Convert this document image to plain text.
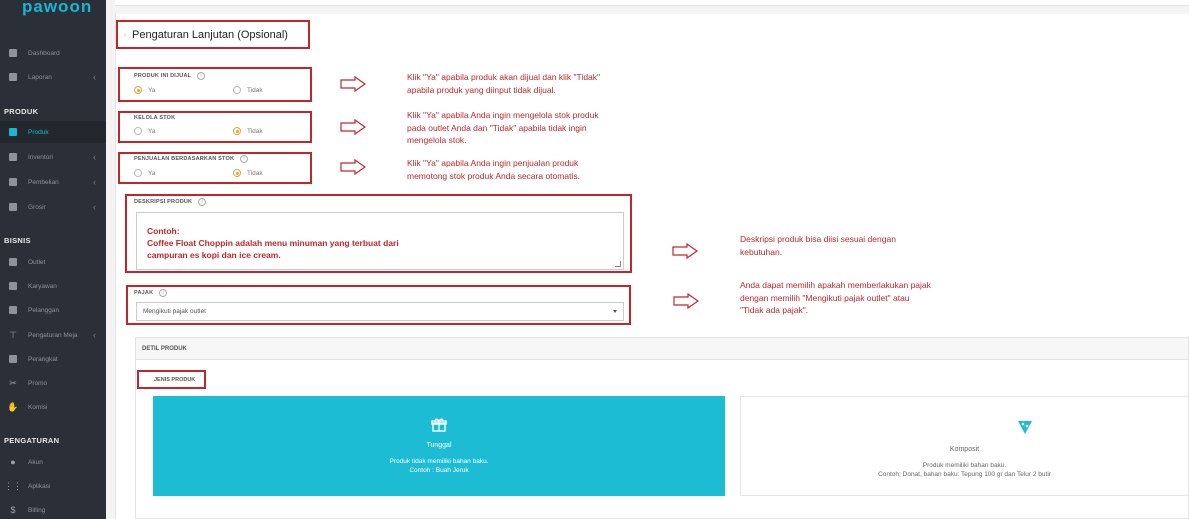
pawoon
Dashboard
Laporan	‹
PRODUK
Produk
Inventori	‹
Pembelian	‹
Grosir	‹
BISNIS
Outlet
Karyawan
Pelanggan
⊤ Pengaturan Meja ‹
Perangkat
✂ Promo
✋ Komisi
PENGATURAN
●	Akun
⋮⋮ Aplikasi
$	Billing
› Pengaturan Lanjutan (Opsional)
PRODUK INI DIJUAL	i
Ya	Tidak
KELOLA STOK
Ya	Tidak
PENJUALAN BERDASARKAN STOK	i
Ya	Tidak
DESKRIPSI PRODUK	i
Contoh:
Coffee Float Choppin adalah menu minuman yang terbuat dari
campuran es kopi dan ice cream.
PAJAK	i
Mengikuti pajak outlet
Klik "Ya" apabila produk akan dijual dan klik "Tidak"
apabila produk yang diinput tidak dijual.
Klik "Ya" apabila Anda ingin mengelola stok produk
pada outlet Anda dan "Tidak" apabila tidak ingin
mengelola stok.
Klik "Ya" apabila Anda ingin penjualan produk
memotong stok produk Anda secara otomatis.
Deskripsi produk bisa diisi sesuai dengan
kebutuhan.
Anda dapat memilih apakah memberlakukan pajak
dengan memilih "Mengikuti pajak outlet" atau
"Tidak ada pajak".
DETIL PRODUK
JENIS PRODUK
Tunggal
Produk tidak memiliki bahan baku.
Contoh : Buah Jeruk
Komposit
Produk memiliki bahan baku.
Contoh; Donat, bahan baku: Tepung 100 gr dan Telur 2 butir
